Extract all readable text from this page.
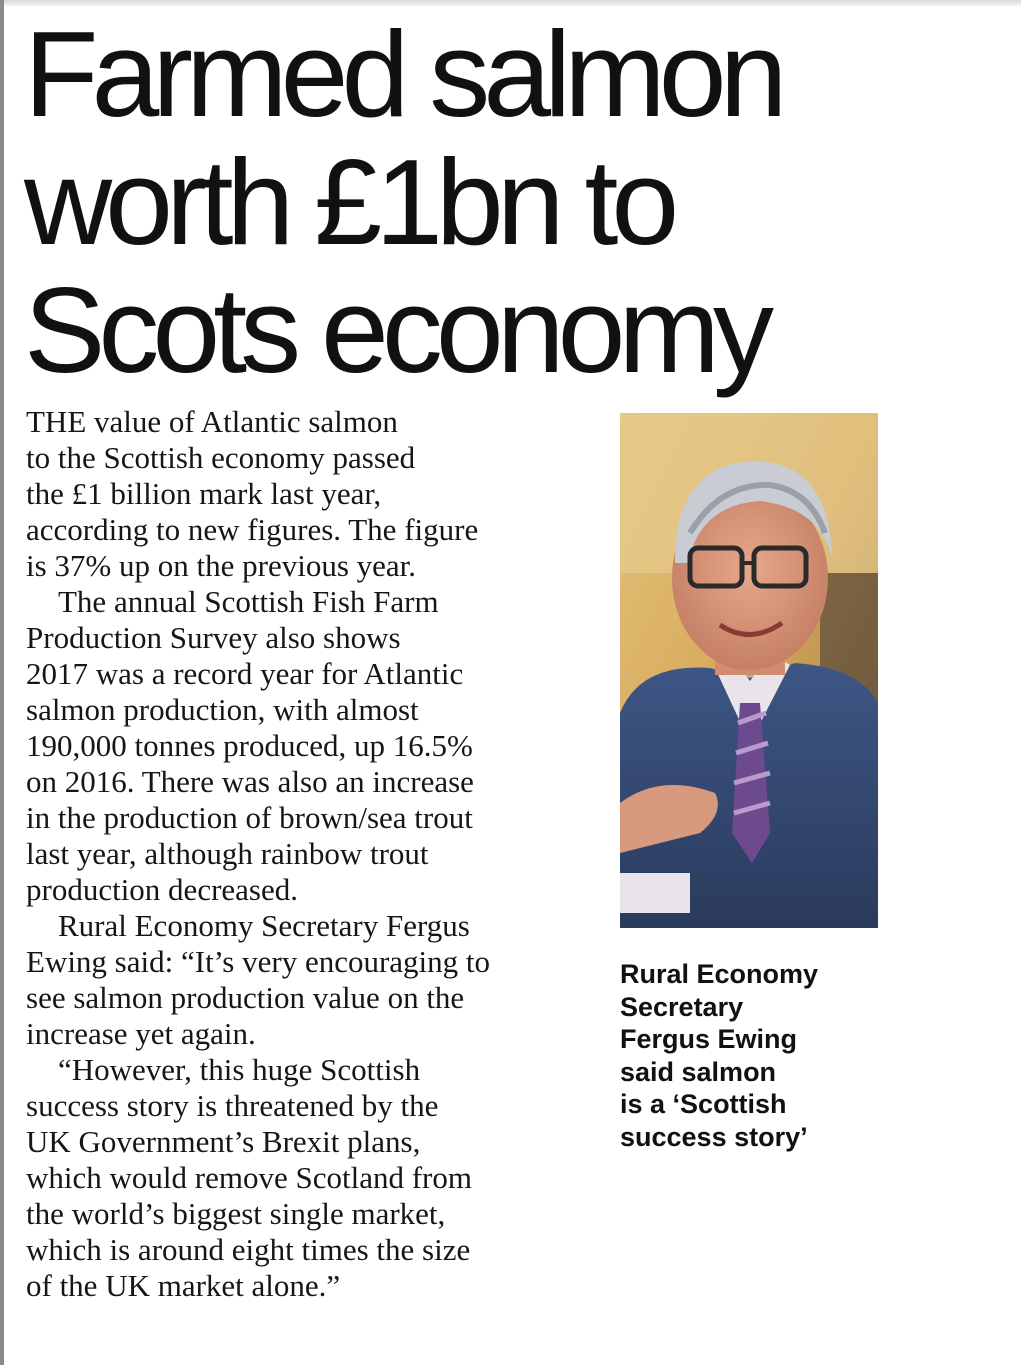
Farmed salmon
worth £1bn to
Scots economy

THE value of Atlantic salmon

to the Scottish economy passed

the £1 billion mark last year,

according to new figures. The figure

is 37% up on the previous year.

The annual Scottish Fish Farm

Production Survey also shows

2017 was a record year for Atlantic

salmon production, with almost

190,000 tonnes produced, up 16.5%

on 2016. There was also an increase

in the production of brown/sea trout

last year, although rainbow trout

production decreased.

Rural Economy Secretary Fergus

Ewing said: “It’s very encouraging to

see salmon production value on the

increase yet again.

“However, this huge Scottish

success story is threatened by the

UK Government’s Brexit plans,

which would remove Scotland from

the world’s biggest single market,

which is around eight times the size

of the UK market alone.”

Rural Economy
Secretary
Fergus Ewing
said salmon
is a ‘Scottish
success story’
